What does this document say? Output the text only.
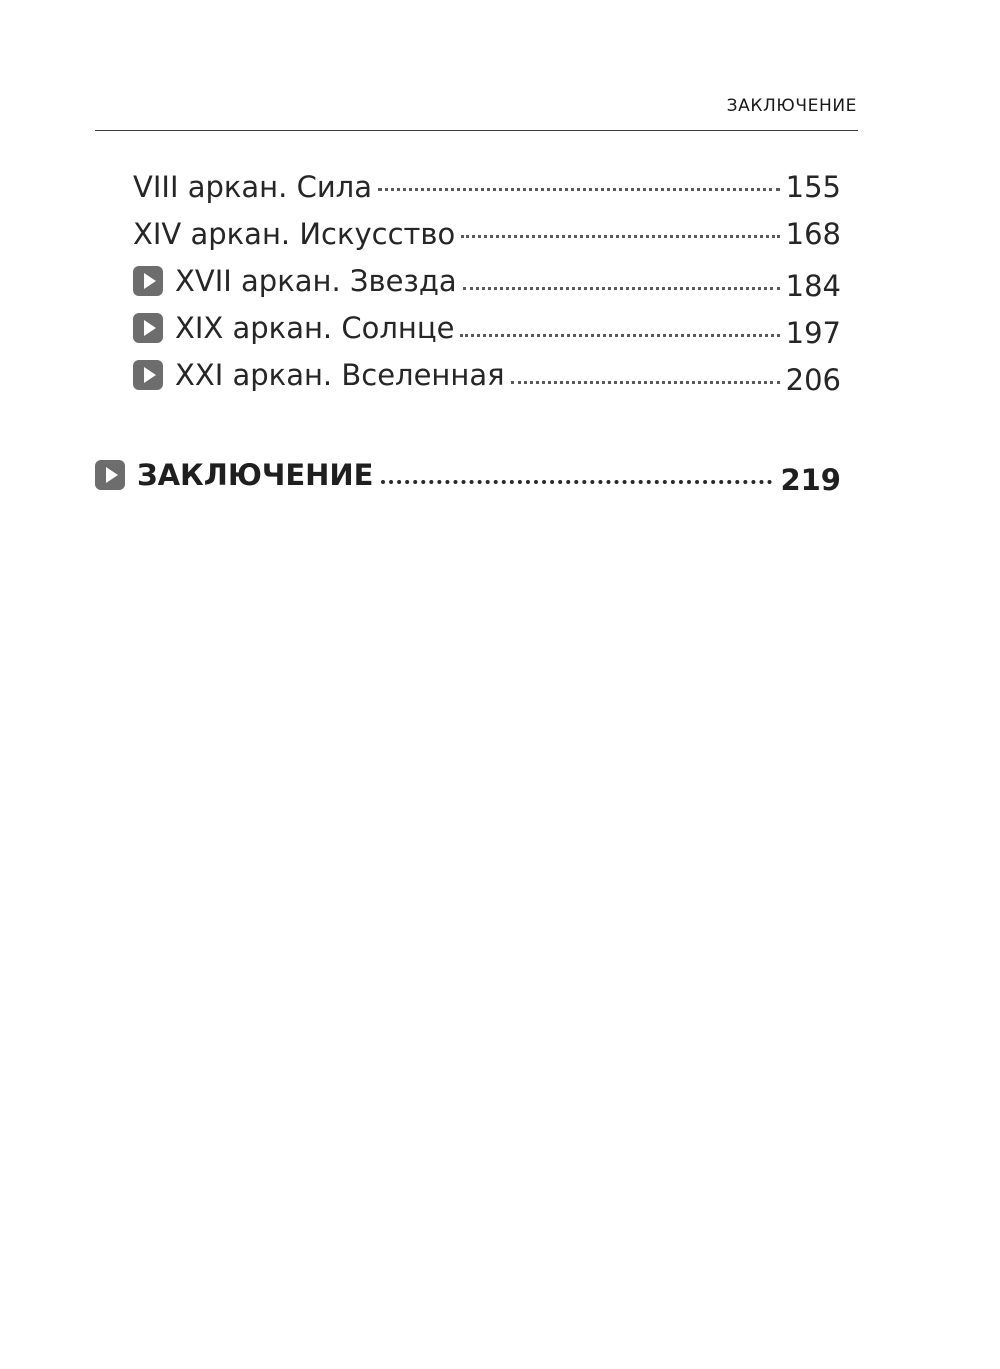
ЗАКЛЮЧЕНИЕ
VIII аркан. Сила	155
XIV аркан. Искусство	168
XVII аркан. Звезда	184
XIX аркан. Солнце	197
XXI аркан. Вселенная	206
ЗАКЛЮЧЕНИЕ	219
